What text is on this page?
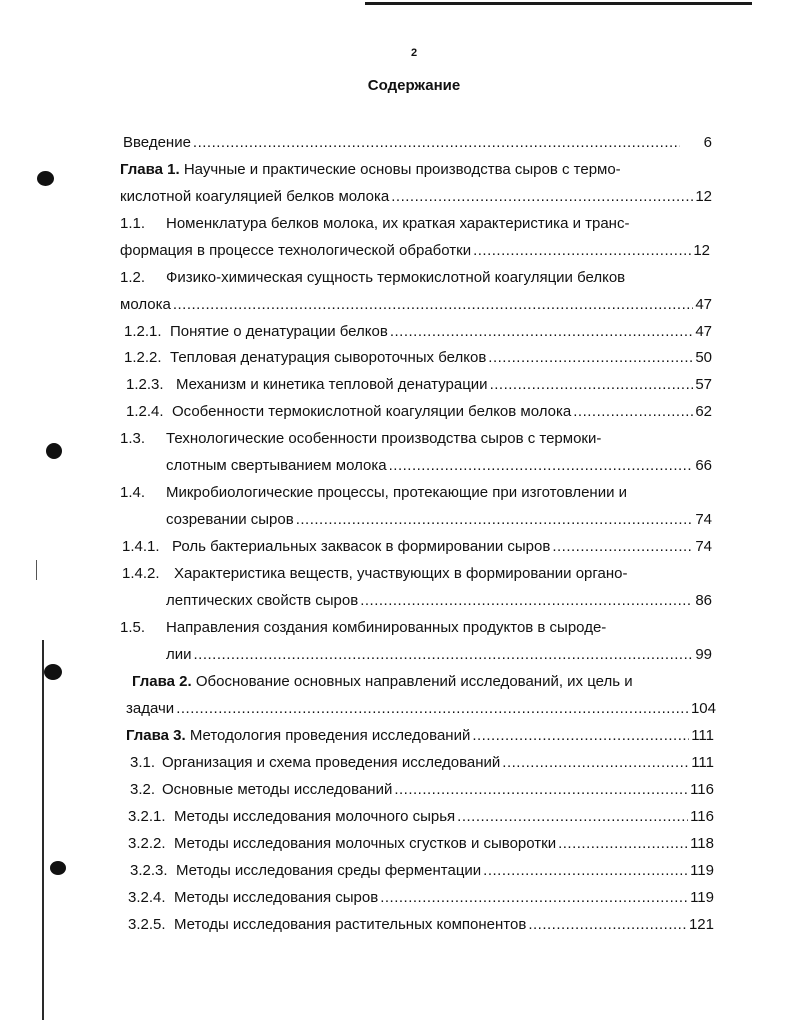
2
Содержание
Введение .....	6
Глава 1.
Научные и практические основы производства сыров с термо-
кислотной коагуляцией белков молока .....	12
1.1.	Номенклатура белков молока, их краткая характеристика и транс-
формация в процессе технологической обработки .....	12
1.2.	Физико-химическая сущность термокислотной коагуляции белков
молока .....	47
1.2.1. Понятие о денатурации белков .....	47
1.2.2. Тепловая денатурация сывороточных белков .....	50
1.2.3. Механизм и кинетика тепловой денатурации .....	57
1.2.4. Особенности термокислотной коагуляции белков молока .....	62
1.3.	Технологические особенности производства сыров с термоки-
слотным свертыванием молока .....	66
1.4.	Микробиологические процессы, протекающие при изготовлении и
созревании сыров .....	74
1.4.1. Роль бактериальных заквасок в формировании сыров .....	74
1.4.2. Характеристика веществ, участвующих в формировании органо-
лептических свойств сыров .....	86
1.5.	Направления создания комбинированных продуктов в сыроде-
лии .....	99
Глава 2.
Обоснование основных направлений исследований, их цель и
задачи .....	104
Глава 3.
Методология проведения исследований .....	111
3.1. Организация и схема проведения исследований .....	111
3.2. Основные методы исследований .....	116
3.2.1. Методы исследования молочного сырья .....	116
3.2.2. Методы исследования молочных сгустков и сыворотки .....	118
3.2.3. Методы исследования среды ферментации .....	119
3.2.4. Методы исследования сыров .....	119
3.2.5. Методы исследования растительных компонентов .....	121
